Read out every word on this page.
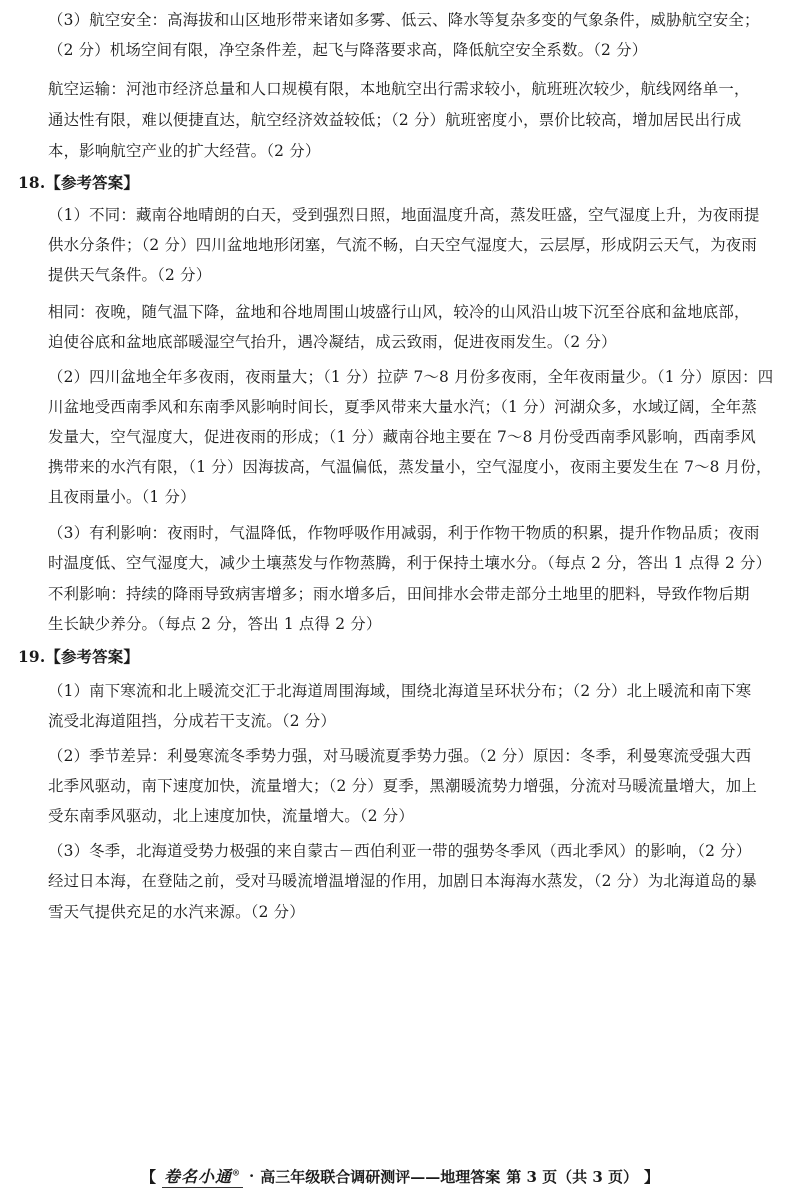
（3）航空安全：高海拔和山区地形带来诸如多雾、低云、降水等复杂多变的气象条件，威胁航空安全；
（2 分）机场空间有限，净空条件差，起飞与降落要求高，降低航空安全系数。（2 分）
航空运输：河池市经济总量和人口规模有限，本地航空出行需求较小，航班班次较少，航线网络单一，
通达性有限，难以便捷直达，航空经济效益较低；（2 分）航班密度小，票价比较高，增加居民出行成
本，影响航空产业的扩大经营。（2 分）
18.【参考答案】
（1）不同：藏南谷地晴朗的白天，受到强烈日照，地面温度升高，蒸发旺盛，空气湿度上升，为夜雨提
供水分条件；（2 分）四川盆地地形闭塞，气流不畅，白天空气湿度大，云层厚，形成阴云天气，为夜雨
提供天气条件。（2 分）
相同：夜晚，随气温下降，盆地和谷地周围山坡盛行山风，较冷的山风沿山坡下沉至谷底和盆地底部，
迫使谷底和盆地底部暖湿空气抬升，遇冷凝结，成云致雨，促进夜雨发生。（2 分）
（2）四川盆地全年多夜雨，夜雨量大；（1 分）拉萨 7～8 月份多夜雨，全年夜雨量少。（1 分）原因：四
川盆地受西南季风和东南季风影响时间长，夏季风带来大量水汽；（1 分）河湖众多，水域辽阔，全年蒸
发量大，空气湿度大，促进夜雨的形成；（1 分）藏南谷地主要在 7～8 月份受西南季风影响，西南季风
携带来的水汽有限，（1 分）因海拔高，气温偏低，蒸发量小，空气湿度小，夜雨主要发生在 7～8 月份，
且夜雨量小。（1 分）
（3）有利影响：夜雨时，气温降低，作物呼吸作用减弱，利于作物干物质的积累，提升作物品质；夜雨
时温度低、空气湿度大，减少土壤蒸发与作物蒸腾，利于保持土壤水分。（每点 2 分，答出 1 点得 2 分）
不利影响：持续的降雨导致病害增多；雨水增多后，田间排水会带走部分土地里的肥料，导致作物后期
生长缺少养分。（每点 2 分，答出 1 点得 2 分）
19.【参考答案】
（1）南下寒流和北上暖流交汇于北海道周围海域，围绕北海道呈环状分布；（2 分）北上暖流和南下寒
流受北海道阻挡，分成若干支流。（2 分）
（2）季节差异：利曼寒流冬季势力强，对马暖流夏季势力强。（2 分）原因：冬季，利曼寒流受强大西
北季风驱动，南下速度加快，流量增大；（2 分）夏季，黑潮暖流势力增强，分流对马暖流量增大，加上
受东南季风驱动，北上速度加快，流量增大。（2 分）
（3）冬季，北海道受势力极强的来自蒙古－西伯利亚一带的强势冬季风（西北季风）的影响，（2 分）
经过日本海，在登陆之前，受对马暖流增温增湿的作用，加剧日本海海水蒸发，（2 分）为北海道岛的暴
雪天气提供充足的水汽来源。（2 分）
【 卷名小通® · 高三年级联合调研测评——地理答案 第 3 页（共 3 页） 】
